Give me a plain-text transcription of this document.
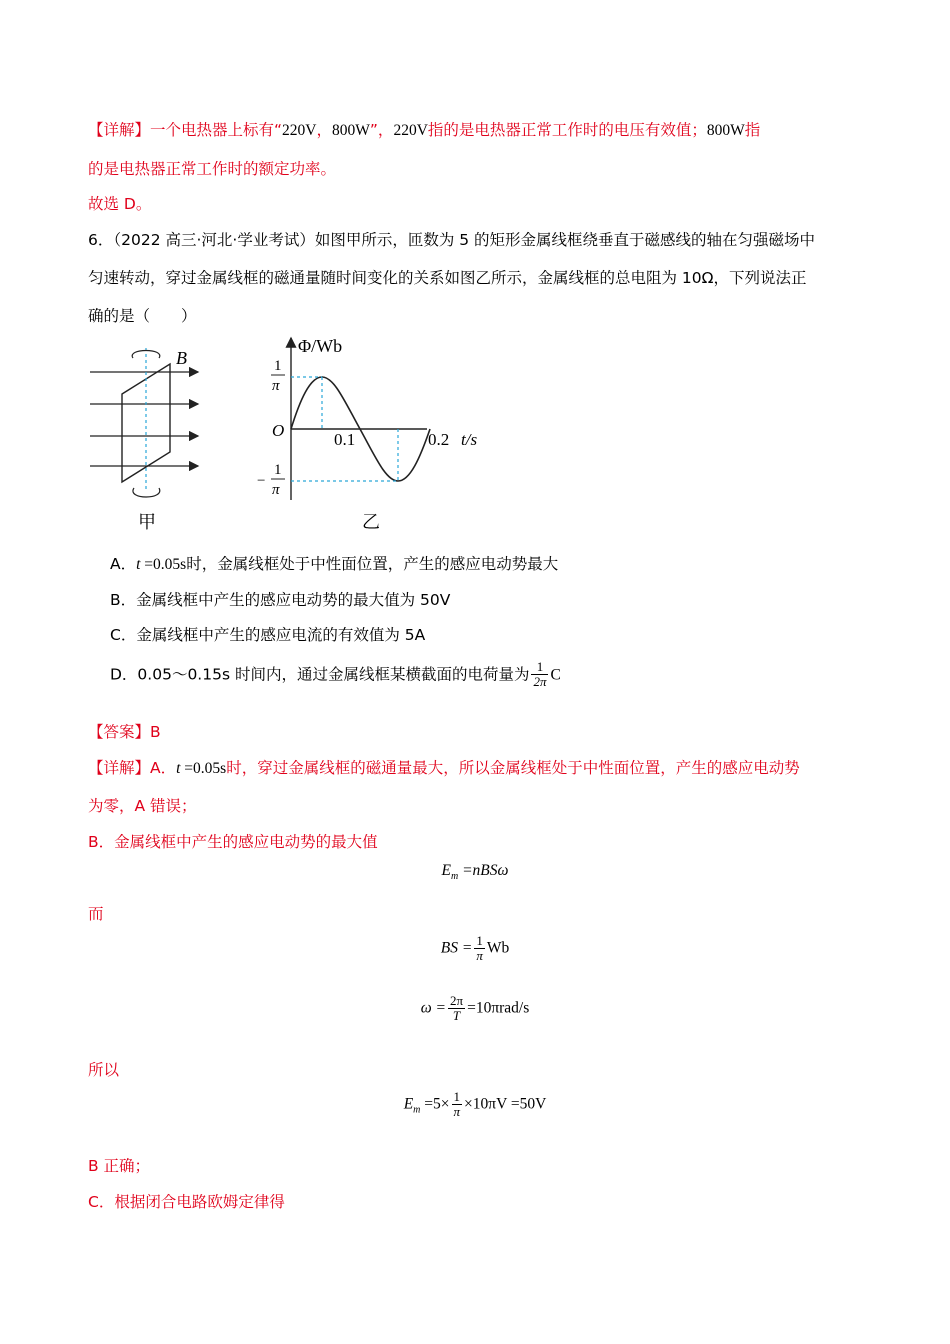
【详解】一个电热器上标有“220V，800W”，220V指的是电热器正常工作时的电压有效值；800W指
的是电热器正常工作时的额定功率。
故选 D。
6．（2022 高三·河北·学业考试）如图甲所示，匝数为 5 的矩形金属线框绕垂直于磁感线的轴在匀强磁场中
匀速转动，穿过金属线框的磁通量随时间变化的关系如图乙所示，金属线框的总电阻为 10Ω，下列说法正
确的是（　　）
B
甲
Φ/Wb
O	0.1	0.2 t/s
1
π
−
1
π
乙
A．t =0.05s时，金属线框处于中性面位置，产生的感应电动势最大
B．金属线框中产生的感应电动势的最大值为 50V
C．金属线框中产生的感应电流的有效值为 5A
D．0.05～0.15s 时间内，通过金属线框某横截面的电荷量为 $\frac{1}{2\pi}$ C
【答案】B
【详解】A．t =0.05s时，穿过金属线框的磁通量最大，所以金属线框处于中性面位置，产生的感应电动势
为零，A 错误；
B．金属线框中产生的感应电动势的最大值
$E_m =nBS\omega$
而
BS = $\frac{1}{\pi}$ Wb
$\omega = \frac{2\pi}{T} =10\pi rad/s$
所以
$E_m =5\times \frac{1}{\pi} \times 10\pi V =50V$
B 正确；
C．根据闭合电路欧姆定律得
